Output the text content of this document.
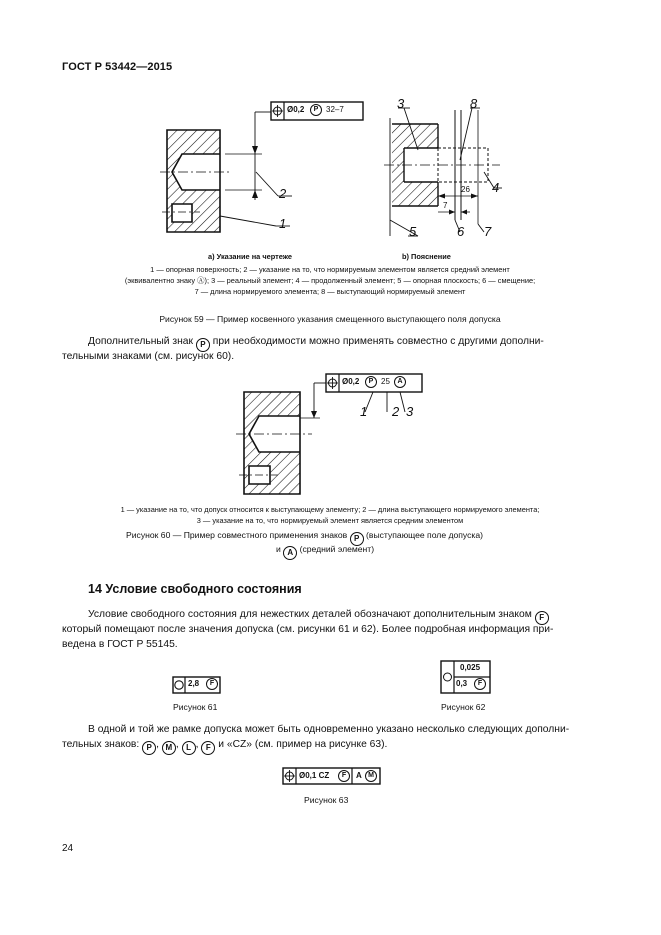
ГОСТ Р 53442—2015
Ø0,2	P 32–7
2
1
3	8
4
5	6 7
26
7
а) Указание на чертеже	b) Пояснение
1 — опорная поверхность; 2 — указание на то, что нормируемым элементом является средний элемент
(эквивалентно знаку Ⓐ); 3 — реальный элемент; 4 — продолженный элемент; 5 — опорная плоскость; 6 — смещение;
7 — длина нормируемого элемента; 8 — выступающий нормируемый элемент
Рисунок 59 — Пример косвенного указания смещенного выступающего поля допуска
Дополнительный знак P при необходимости можно применять совместно с другими дополни-
тельными знаками (см. рисунок 60).
Ø0,2	P 25	A
1 2 3
1 — указание на то, что допуск относится к выступающему элементу; 2 — длина выступающего нормируемого элемента;
3 — указание на то, что нормируемый элемент является средним элементом
Рисунок 60 — Пример совместного применения знаков P (выступающее поле допуска)
и A (средний элемент)
14 Условие свободного состояния
Условие свободного состояния для нежестких деталей обозначают дополнительным знаком F
который помещают после значения допуска (см. рисунки 61 и 62). Более подробная информация при-
ведена в ГОСТ Р 55145.
2,8	F
Рисунок 61
0,025
0,3	F
Рисунок 62
В одной и той же рамке допуска может быть одновременно указано несколько следующих дополни-
тельных знаков: P , M , L , F и «CZ» (см. пример на рисунке 63).
Ø0,1 CZ	F	A M
Рисунок 63
24
